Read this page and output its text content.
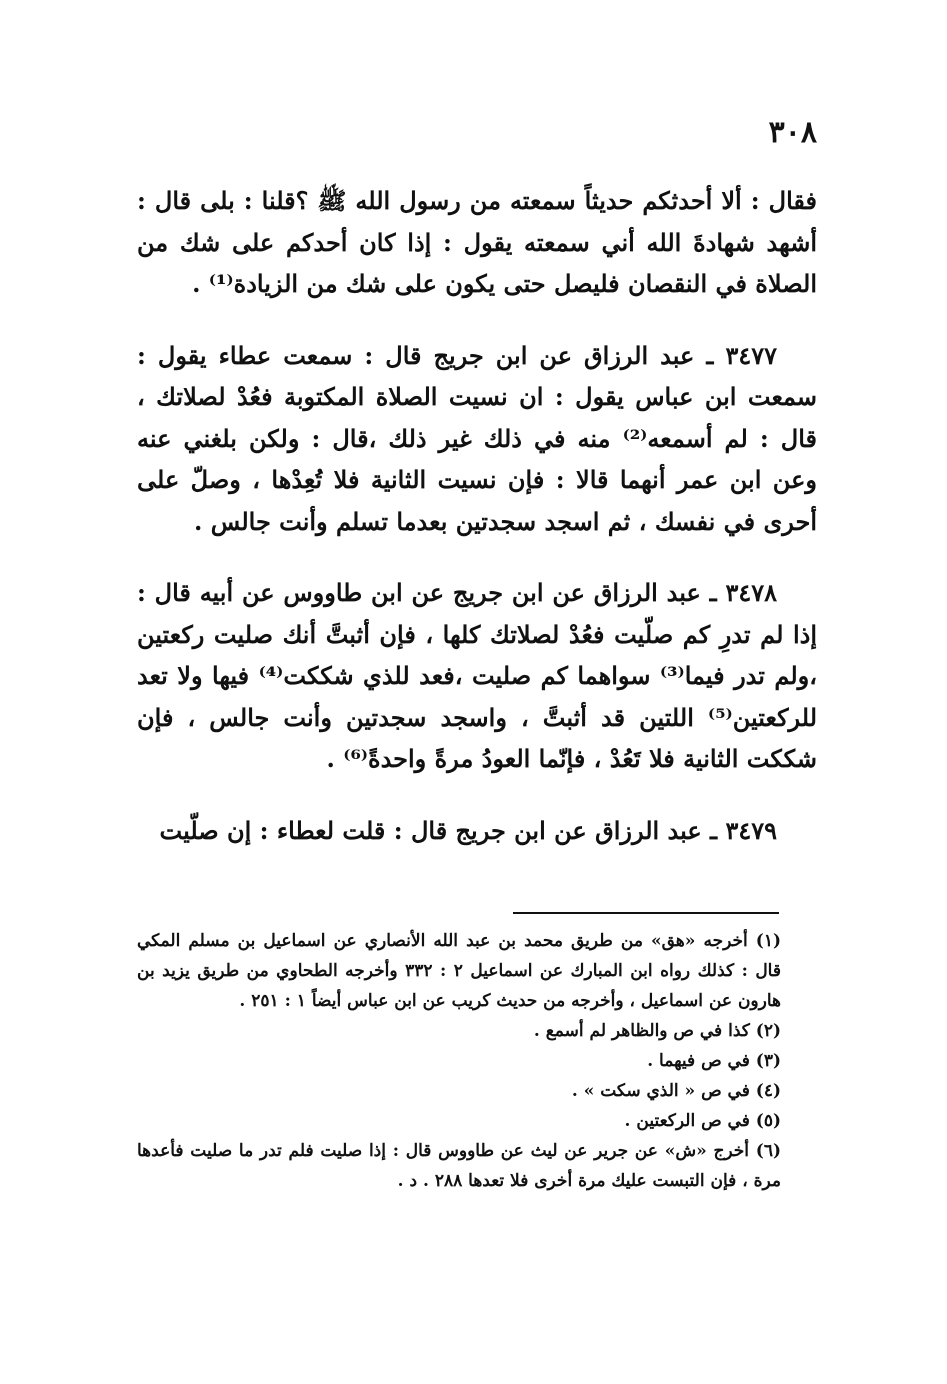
٣٠٨

فقال : ألا أحدثكم حديثاً سمعته من رسول الله ﷺ ؟قلنا : بلى قال : أشهد شهادةَ الله أني سمعته يقول : إذا كان أحدكم على شك من الصلاة في النقصان فليصل حتى يكون على شك من الزيادة⁽¹⁾ .

٣٤٧٧ ـ عبد الرزاق عن ابن جريج قال : سمعت عطاء يقول : سمعت ابن عباس يقول : ان نسيت الصلاة المكتوبة فعُدْ لصلاتك ، قال : لم أسمعه⁽²⁾ منه في ذلك غير ذلك ،قال : ولكن بلغني عنه وعن ابن عمر أنهما قالا : فإن نسيت الثانية فلا تُعِدْها ، وصلّ على أحرى في نفسك ، ثم اسجد سجدتين بعدما تسلم وأنت جالس .

٣٤٧٨ ـ عبد الرزاق عن ابن جريج عن ابن طاووس عن أبيه قال : إذا لم تدرِ كم صلّيت فعُدْ لصلاتك كلها ، فإن أثبتَّ أنك صليت ركعتين ،ولم تدر فيما⁽³⁾ سواهما كم صليت ،فعد للذي شككت⁽⁴⁾ فيها ولا تعد للركعتين⁽⁵⁾ اللتين قد أثبتَّ ، واسجد سجدتين وأنت جالس ، فإن شككت الثانية فلا تَعُدْ ، فإنّما العودُ مرةً واحدةً⁽⁶⁾ .

٣٤٧٩ ـ عبد الرزاق عن ابن جريج قال : قلت لعطاء : إن صلّيت

(١) أخرجه «هق» من طريق محمد بن عبد الله الأنصاري عن اسماعيل بن مسلم المكي قال : كذلك رواه ابن المبارك عن اسماعيل ٢ : ٣٣٢ وأخرجه الطحاوي من طريق يزيد بن هارون عن اسماعيل ، وأخرجه من حديث كريب عن ابن عباس أيضاً ١ : ٢٥١ .

(٢) كذا في ص والظاهر لم أسمع .

(٣) في ص فيهما .

(٤) في ص « الذي سكت » .

(٥) في ص الركعتين .

(٦) أخرج «ش» عن جرير عن ليث عن طاووس قال : إذا صليت فلم تدر ما صليت فأعدها مرة ، فإن التبست عليك مرة أخرى فلا تعدها ٢٨٨ . د .
